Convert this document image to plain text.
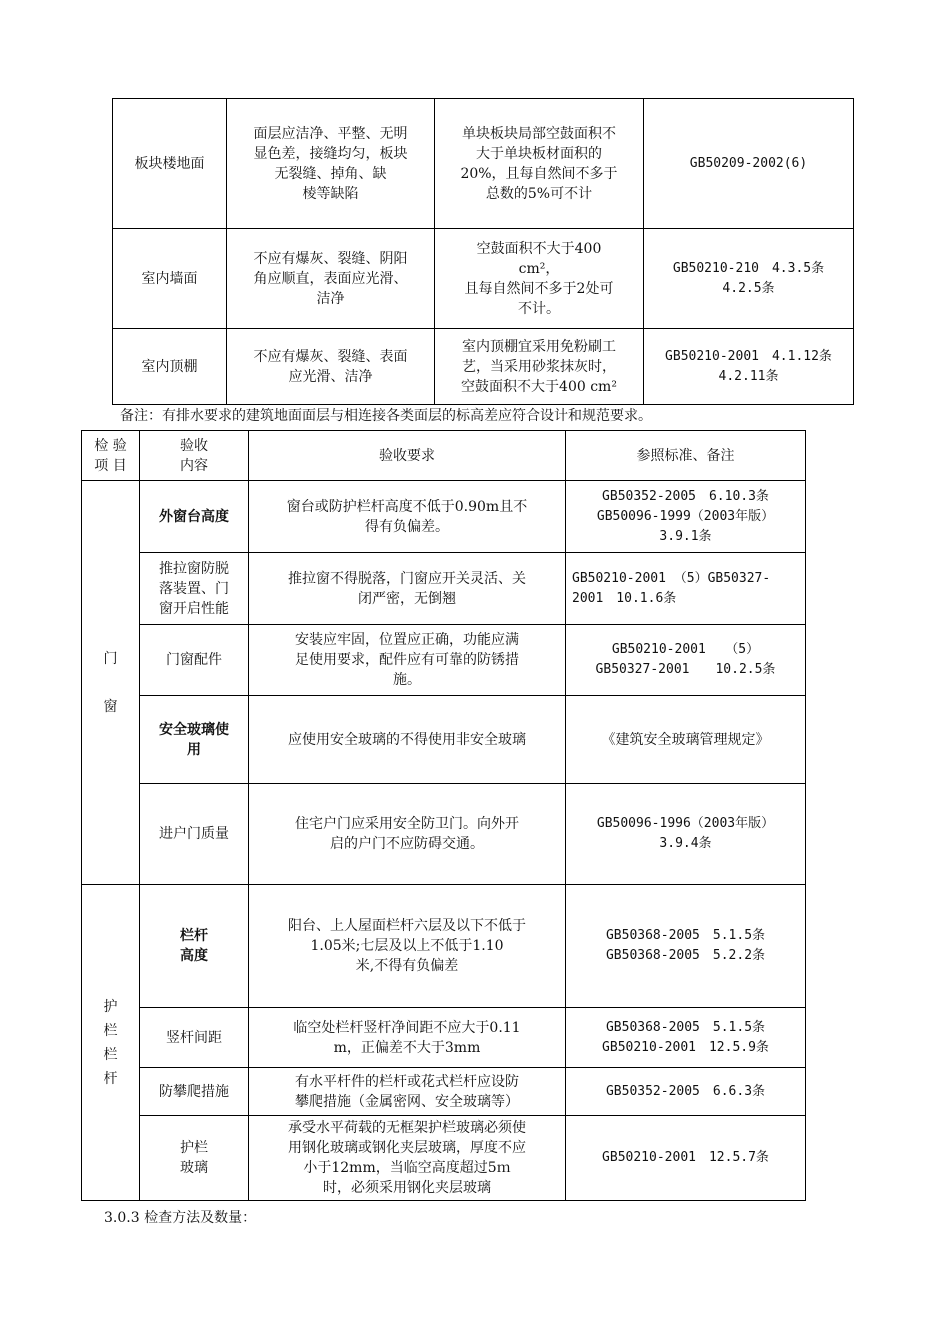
板块楼地面	面层应洁净、平整、无明
显色差，接缝均匀，板块
无裂缝、掉角、缺
棱等缺陷	单块板块局部空鼓面积不
大于单块板材面积的
20%，且每自然间不多于
总数的5%可不计	GB50209-2002(6)
室内墙面	不应有爆灰、裂缝、阴阳
角应顺直，表面应光滑、
洁净	空鼓面积不大于400
cm²，
且每自然间不多于2处可
不计。	GB50210-210　4.3.5条
4.2.5条
室内顶棚	不应有爆灰、裂缝、表面
应光滑、洁净	室内顶棚宜采用免粉刷工
艺，当采用砂浆抹灰时，
空鼓面积不大于400 cm²	GB50210-2001　4.1.12条
4.2.11条
备注：有排水要求的建筑地面面层与相连接各类面层的标高差应符合设计和规范要求。
检 验
项 目	验收
内容	验收要求	参照标准、备注
门

窗	外窗台高度	窗台或防护栏杆高度不低于0.90m且不
得有负偏差。	GB50352-2005　6.10.3条
GB50096-1999（2003年版）
3.9.1条
	推拉窗防脱
落装置、门
窗开启性能	推拉窗不得脱落，门窗应开关灵活、关
闭严密，无倒翘	GB50210-2001 （5）GB50327-
2001　10.1.6条
	门窗配件	安装应牢固，位置应正确，功能应满
足使用要求，配件应有可靠的防锈措
施。	GB50210-2001　　（5）
GB50327-2001　　10.2.5条
	安全玻璃使
用	应使用安全玻璃的不得使用非安全玻璃	《建筑安全玻璃管理规定》
	进户门质量	住宅户门应采用安全防卫门。向外开
启的户门不应防碍交通。	GB50096-1996（2003年版）
3.9.4条
护
栏
栏
杆	栏杆
高度	阳台、上人屋面栏杆六层及以下不低于
1.05米;七层及以上不低于1.10
米,不得有负偏差	GB50368-2005　5.1.5条
GB50368-2005　5.2.2条
	竖杆间距	临空处栏杆竖杆净间距不应大于0.11
m，正偏差不大于3mm	GB50368-2005　5.1.5条
GB50210-2001　12.5.9条
	防攀爬措施	有水平杆件的栏杆或花式栏杆应设防
攀爬措施（金属密网、安全玻璃等）	GB50352-2005　6.6.3条
	护栏
玻璃	承受水平荷载的无框架护栏玻璃必须使
用钢化玻璃或钢化夹层玻璃，厚度不应
小于12mm，当临空高度超过5ｍ
时，必须采用钢化夹层玻璃	GB50210-2001　12.5.7条
3.0.3 检查方法及数量：
